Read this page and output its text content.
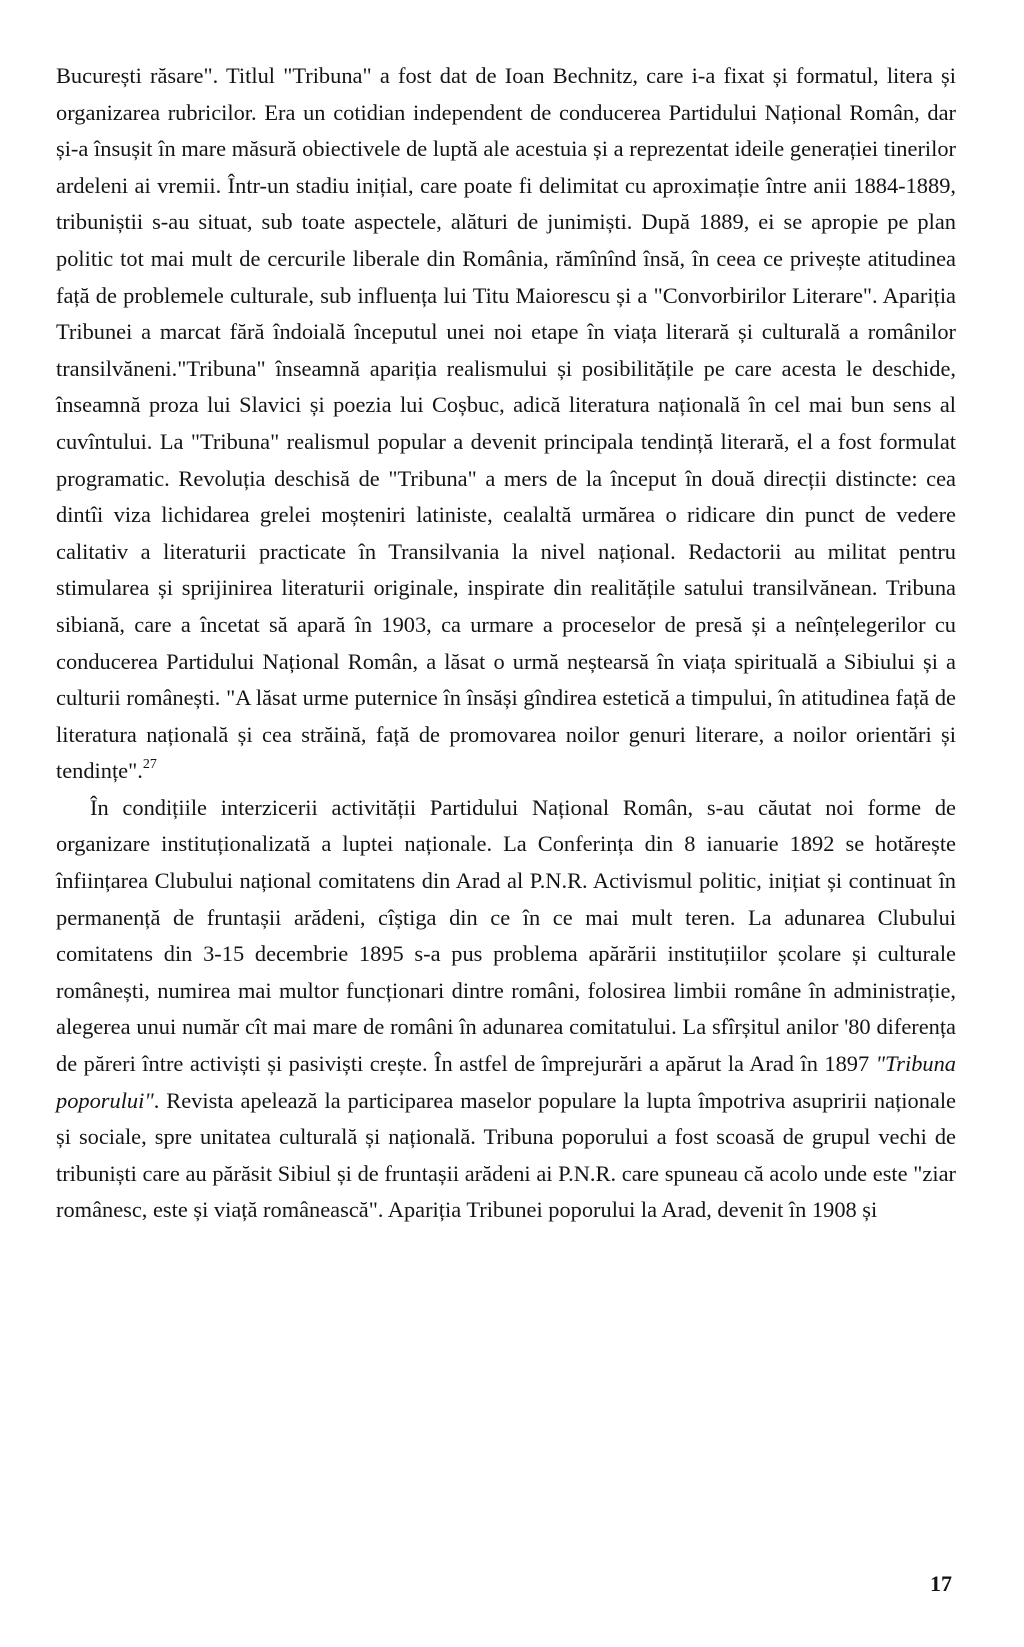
București răsare". Titlul "Tribuna" a fost dat de Ioan Bechnitz, care i-a fixat și formatul, litera și organizarea rubricilor. Era un cotidian independent de conducerea Partidului Național Român, dar și-a însușit în mare măsură obiectivele de luptă ale acestuia și a reprezentat ideile generației tinerilor ardeleni ai vremii. Într-un stadiu inițial, care poate fi delimitat cu aproximație între anii 1884-1889, tribuniștii s-au situat, sub toate aspectele, alături de junimiști. După 1889, ei se apropie pe plan politic tot mai mult de cercurile liberale din România, rămînînd însă, în ceea ce privește atitudinea față de problemele culturale, sub influența lui Titu Maiorescu și a "Convorbirilor Literare". Apariția Tribunei a marcat fără îndoială începutul unei noi etape în viața literară și culturală a românilor transilvăneni."Tribuna" înseamnă apariția realismului și posibilitățile pe care acesta le deschide, înseamnă proza lui Slavici și poezia lui Coșbuc, adică literatura națională în cel mai bun sens al cuvîntului. La "Tribuna" realismul popular a devenit principala tendință literară, el a fost formulat programatic. Revoluția deschisă de "Tribuna" a mers de la început în două direcții distincte: cea dintîi viza lichidarea grelei moșteniri latiniste, cealaltă urmărea o ridicare din punct de vedere calitativ a literaturii practicate în Transilvania la nivel național. Redactorii au militat pentru stimularea și sprijinirea literaturii originale, inspirate din realitățile satului transilvănean. Tribuna sibiană, care a încetat să apară în 1903, ca urmare a proceselor de presă și a neînțelegerilor cu conducerea Partidului Național Român, a lăsat o urmă neștearsă în viața spirituală a Sibiului și a culturii românești. "A lăsat urme puternice în însăși gîndirea estetică a timpului, în atitudinea față de literatura națională și cea străină, față de promovarea noilor genuri literare, a noilor orientări și tendințe".$^{27}$

În condițiile interzicerii activității Partidului Național Român, s-au căutat noi forme de organizare instituționalizată a luptei naționale. La Conferința din 8 ianuarie 1892 se hotărește înființarea Clubului național comitatens din Arad al P.N.R. Activismul politic, inițiat și continuat în permanență de fruntașii arădeni, cîștiga din ce în ce mai mult teren. La adunarea Clubului comitatens din 3-15 decembrie 1895 s-a pus problema apărării instituțiilor școlare și culturale românești, numirea mai multor funcționari dintre români, folosirea limbii române în administrație, alegerea unui număr cît mai mare de români în adunarea comitatului. La sfîrșitul anilor '80 diferența de păreri între activiști și pasiviști crește. În astfel de împrejurări a apărut la Arad în 1897 "Tribuna poporului". Revista apelează la participarea maselor populare la lupta împotriva asupririi naționale și sociale, spre unitatea culturală și națională. Tribuna poporului a fost scoasă de grupul vechi de tribuniști care au părăsit Sibiul și de fruntașii arădeni ai P.N.R. care spuneau că acolo unde este "ziar românesc, este și viață românească". Apariția Tribunei poporului la Arad, devenit în 1908 și

17
